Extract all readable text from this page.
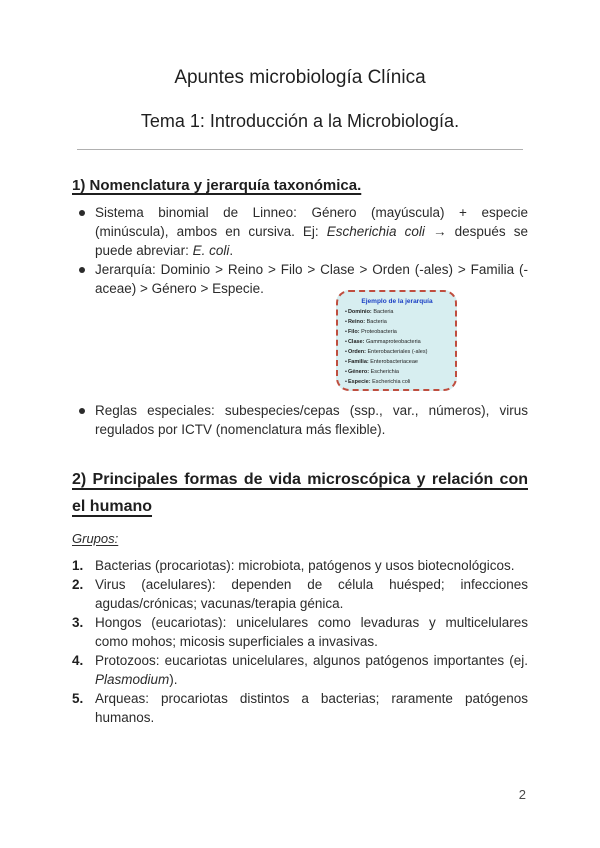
Apuntes microbiología Clínica
Tema 1: Introducción a la Microbiología.
1) Nomenclatura y jerarquía taxonómica.
Sistema binomial de Linneo: Género (mayúscula) + especie (minúscula), ambos en cursiva. Ej: Escherichia coli → después se puede abreviar: E. coli.
Jerarquía: Dominio > Reino > Filo > Clase > Orden (-ales) > Familia (-aceae) > Género > Especie.
Ejemplo de la jerarquía
• Dominio: Bacteria
• Reino: Bacteria
• Filo: Proteobacteria
• Clase: Gammaproteobacteria
• Orden: Enterobacteriales (-ales)
• Familia: Enterobacteriaceae
• Género: Escherichia
• Especie: Escherichia coli
Reglas especiales: subespecies/cepas (ssp., var., números), virus regulados por ICTV (nomenclatura más flexible).
2) Principales formas de vida microscópica y relación con el humano
Grupos:
Bacterias (procariotas): microbiota, patógenos y usos biotecnológicos.
Virus (acelulares): dependen de célula huésped; infecciones agudas/crónicas; vacunas/terapia génica.
Hongos (eucariotas): unicelulares como levaduras y multicelulares como mohos; micosis superficiales a invasivas.
Protozoos: eucariotas unicelulares, algunos patógenos importantes (ej. Plasmodium).
Arqueas: procariotas distintos a bacterias; raramente patógenos humanos.
2
